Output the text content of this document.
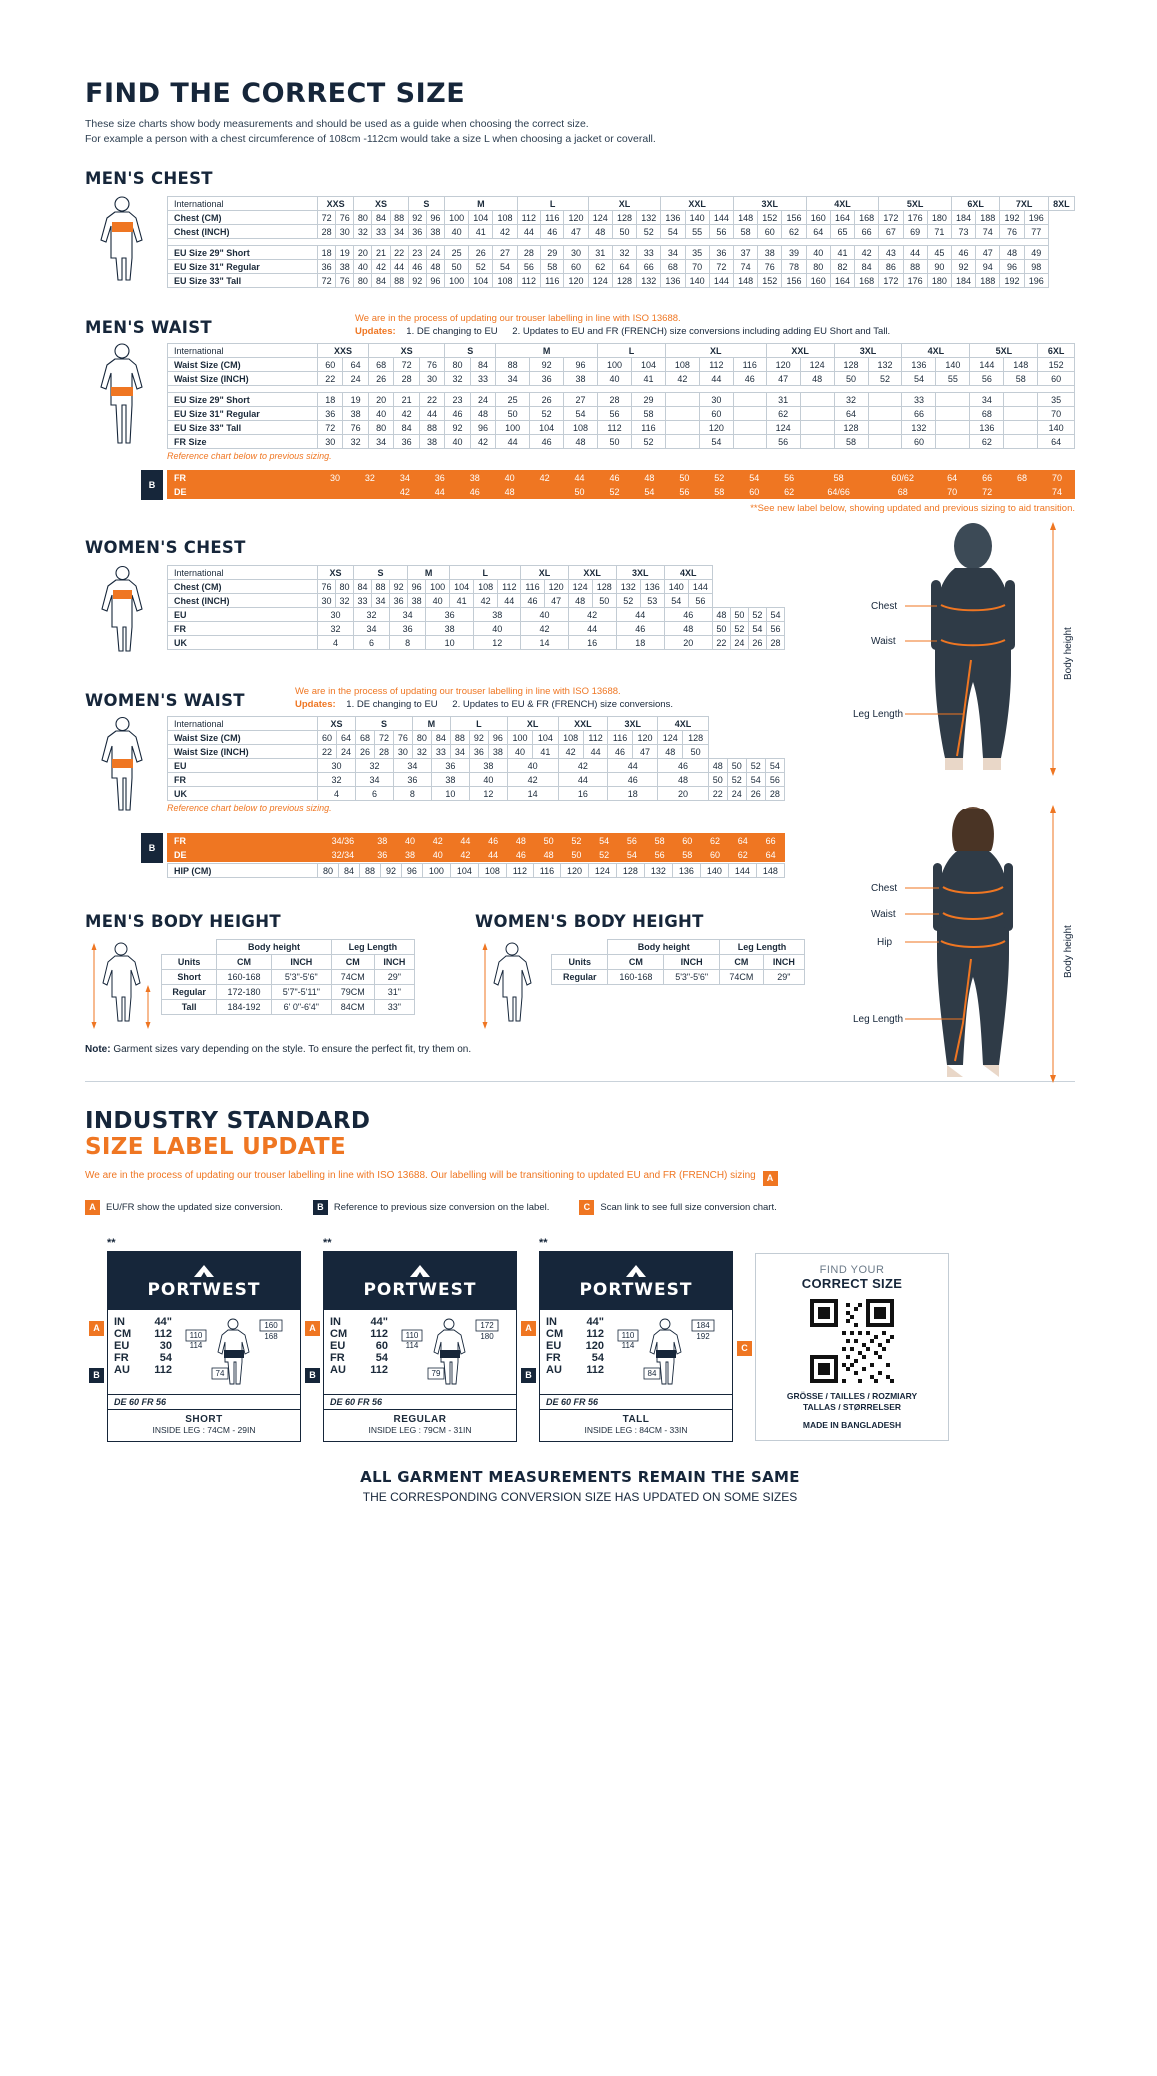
FIND THE CORRECT SIZE
These size charts show body measurements and should be used as a guide when choosing the correct size.
For example a person with a chest circumference of 108cm -112cm would take a size L when choosing a jacket or coverall.
MEN'S CHEST
International	XXS		XS			S		M			L			XL			XXL			3XL			4XL			5XL			6XL		7XL		8XL
Chest (CM)	72	76	80	84	88	92	96	100	104	108	112	116	120	124	128	132	136	140	144	148	152	156	160	164	168	172	176	180	184	188	192	196	
Chest (INCH)	28	30	32	33	34	36	38	40	41	42	44	46	47	48	50	52	54	55	56	58	60	62	64	65	66	67	69	71	73	74	76	77	

EU Size 29" Short	18	19	20	21	22	23	24	25	26	27	28	29	30	31	32	33	34	35	36	37	38	39	40	41	42	43	44	45	46	47	48	49	
EU Size 31" Regular	36	38	40	42	44	46	48	50	52	54	56	58	60	62	64	66	68	70	72	74	76	78	80	82	84	86	88	90	92	94	96	98	
EU Size 33" Tall	72	76	80	84	88	92	96	100	104	108	112	116	120	124	128	132	136	140	144	148	152	156	160	164	168	172	176	180	184	188	192	196	
MEN'S WAIST	We are in the process of updating our trouser labelling in line with ISO 13688.
Updates: 1. DE changing to EU 2. Updates to EU and FR (FRENCH) size conversions including adding EU Short and Tall.
International	XXS		XS			S		M			L		XL			XXL		3XL		4XL		5XL		6XL
Waist Size (CM)	60	64	68	72	76	80	84	88	92	96	100	104	108	112	116	120	124	128	132	136	140	144	148	152
Waist Size (INCH)	22	24	26	28	30	32	33	34	36	38	40	41	42	44	46	47	48	50	52	54	55	56	58	60

EU Size 29" Short	18	19	20	21	22	23	24	25	26	27	28	29		30		31		32		33		34		35
EU Size 31" Regular	36	38	40	42	44	46	48	50	52	54	56	58		60		62		64		66		68		70
EU Size 33" Tall	72	76	80	84	88	92	96	100	104	108	112	116		120		124		128		132		136		140
FR Size	30	32	34	36	38	40	42	44	46	48	50	52		54		56		58		60		62		64
Reference chart below to previous sizing.
B
FR	30	32	34	36	38	40	42	44	46	48	50	52	54	56	58	60/62	64	66	68	70
DE			42	44	46	48		50	52	54	56	58	60	62	64/66	68	70	72		74
**See new label below, showing updated and previous sizing to aid transition.
WOMEN'S CHEST
International	XS		S			M		L			XL		XXL		3XL		4XL					
Chest (CM)	76	80	84	88	92	96	100	104	108	112	116	120	124	128	132	136	140	144				
Chest (INCH)	30	32	33	34	36	38	40	41	42	44	46	47	48	50	52	53	54	56				
EU	30		32		34		36		38		40		42		44		46		48	50	52	54
FR	32		34		36		38		40		42		44		46		48		50	52	54	56
UK	4		6		8		10		12		14		16		18		20		22	24	26	28
WOMEN'S WAIST	We are in the process of updating our trouser labelling in line with ISO 13688.
Updates: 1. DE changing to EU 2. Updates to EU & FR (FRENCH) size conversions.
International	XS		S			M		L			XL		XXL		3XL		4XL					
Waist Size (CM)	60	64	68	72	76	80	84	88	92	96	100	104	108	112	116	120	124	128				
Waist Size (INCH)	22	24	26	28	30	32	33	34	36	38	40	41	42	44	46	47	48	50				
EU	30		32		34		36		38		40		42		44		46		48	50	52	54
FR	32		34		36		38		40		42		44		46		48		50	52	54	56
UK	4		6		8		10		12		14		16		18		20		22	24	26	28
Reference chart below to previous sizing.
B
FR	34/36	38	40	42	44	46	48	50	52	54	56	58	60	62	64	66
DE	32/34	36	38	40	42	44	46	48	50	52	54	56	58	60	62	64
HIP (CM)	80	84	88	92	96	100	104	108	112	116	120	124	128	132	136	140	144	148
Chest
Waist
Leg Length
Body height
Chest
Waist
Hip
Leg Length
Body height
MEN'S BODY HEIGHT
	Body height		Leg Length	
Units	CM	INCH	CM	INCH
Short	160-168	5'3"-5'6"	74CM	29"
Regular	172-180	5'7"-5'11"	79CM	31"
Tall	184-192	6' 0"-6'4"	84CM	33"
WOMEN'S BODY HEIGHT
	Body height		Leg Length	
Units	CM	INCH	CM	INCH
Regular	160-168	5'3"-5'6"	74CM	29"
Note: Garment sizes vary depending on the style. To ensure the perfect fit, try them on.
INDUSTRY STANDARD
SIZE LABEL UPDATE
We are in the process of updating our trouser labelling in line with ISO 13688. Our labelling will be transitioning to updated EU and FR (FRENCH) sizing A
A	EU/FR show the updated size conversion.	B	Reference to previous size conversion on the label.	C	Scan link to see full size conversion chart.
**
PORTWEST
IN	44"
CM 112
EU	30
FR	54
AU 112
110
114
160
168
74
DE 60 FR 56
SHORT
INSIDE LEG : 74CM - 29IN
A
B
**
PORTWEST
IN	44"
CM 112
EU	60
FR	54
AU 112
110
114
172
180
79
DE 60 FR 56
REGULAR
INSIDE LEG : 79CM - 31IN
A
B
**
PORTWEST
IN	44"
CM 112
EU 120
FR	54
AU 112
110
114
184
192
84
DE 60 FR 56
TALL
INSIDE LEG : 84CM - 33IN
A
B
FIND YOUR
CORRECT SIZE
GRÖSSE / TAILLES / ROZMIARY
TALLAS / STØRRELSER
MADE IN BANGLADESH
C
ALL GARMENT MEASUREMENTS REMAIN THE SAME
THE CORRESPONDING CONVERSION SIZE HAS UPDATED ON SOME SIZES
